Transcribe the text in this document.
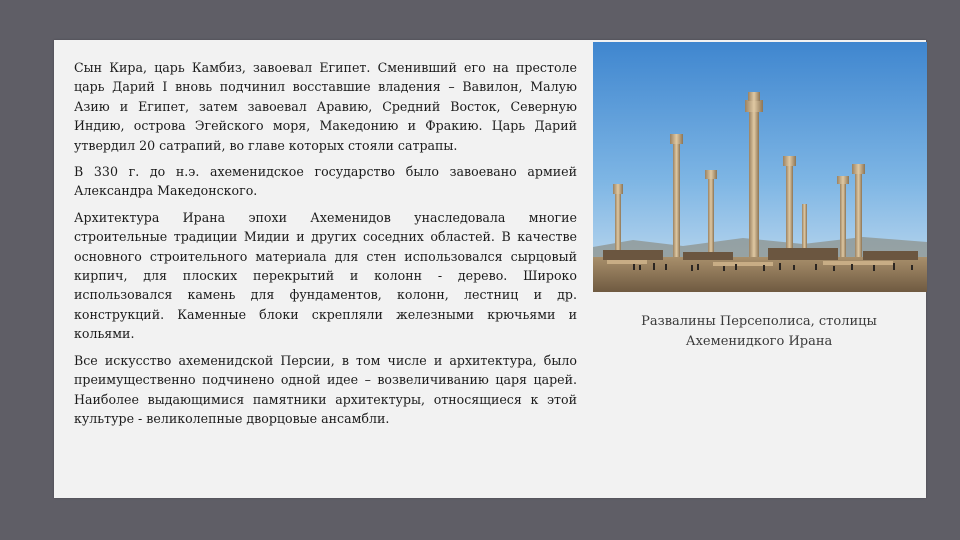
Сын Кира, царь Камбиз, завоевал Египет. Сменивший его на престоле царь Дарий I вновь подчинил восставшие владения – Вавилон, Малую Азию и Египет, затем завоевал Аравию, Средний Восток, Северную Индию, острова Эгейского моря, Македонию и Фракию. Царь Дарий утвердил 20 сатрапий, во главе которых стояли сатрапы.

В 330 г. до н.э. ахеменидское государство было завоевано армией Александра Македонского.

Архитектура Ирана эпохи Ахеменидов унаследовала многие строительные традиции Мидии и других соседних областей. В качестве основного строительного материала для стен использовался сырцовый кирпич, для плоских перекрытий и колонн - дерево. Широко использовался камень для фундаментов, колонн, лестниц и др. конструкций. Каменные блоки скрепляли железными крючьями и кольями.

Все искусство ахеменидской Персии, в том числе и архитектура, было преимущественно подчинено одной идее – возвеличиванию царя царей. Наиболее выдающимися памятники архитектуры, относящиеся к этой культуре - великолепные дворцовые ансамбли.

Развалины Персеполиса, столицы Ахеменидкого Ирана
